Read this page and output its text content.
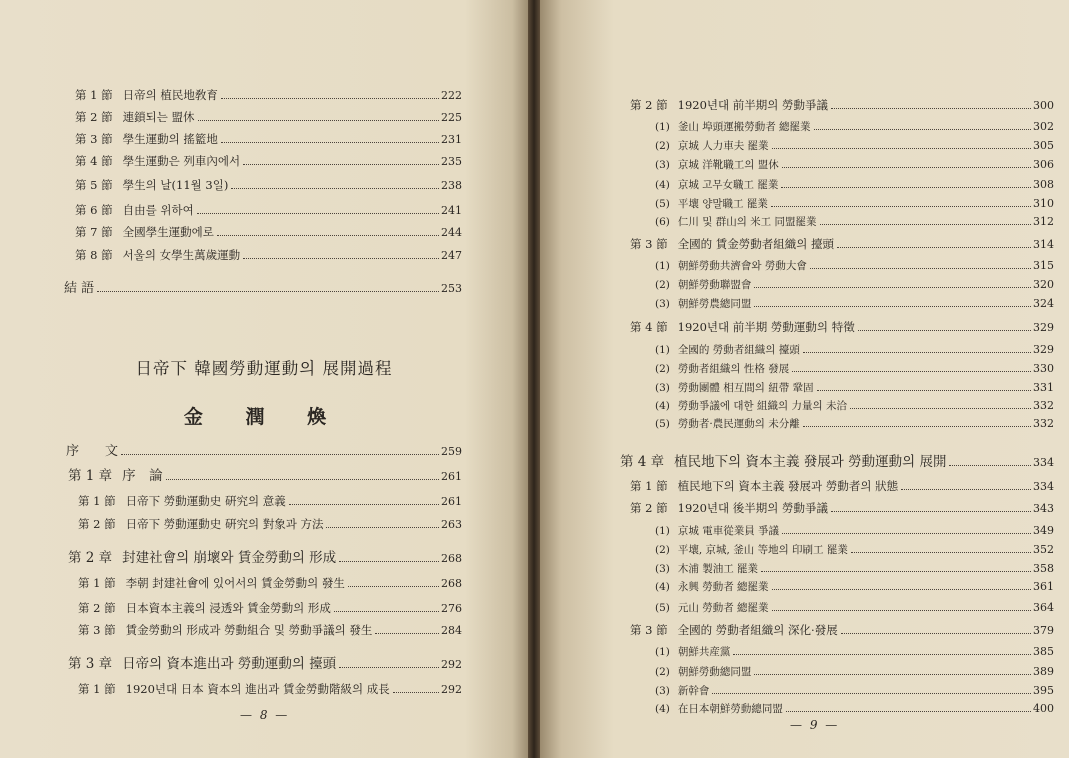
第 1 節 日帝의 植民地敎育	222
第 2 節 連鎖되는 盟休	225
第 3 節 學生運動의 搖籃地	231
第 4 節 學生運動은 列車內에서	235
第 5 節 學生의 날(11월 3일)	238
第 6 節 自由를 위하여	241
第 7 節 全國學生運動에로	244
第 8 節 서울의 女學生萬歲運動	247
結 語	253
日帝下 韓國勞動運動의 展開過程
金 潤 煥
序　　文	259
第 1 章 序　論	261
第 1 節 日帝下 勞動運動史 硏究의 意義	261
第 2 節 日帝下 勞動運動史 硏究의 對象과 方法	263
第 2 章 封建社會의 崩壞와 賃金勞動의 形成	268
第 1 節 李朝 封建社會에 있어서의 賃金勞動의 發生	268
第 2 節 日本資本主義의 浸透와 賃金勞動의 形成	276
第 3 節 賃金勞動의 形成과 勞動組合 및 勞動爭議의 發生	284
第 3 章 日帝의 資本進出과 勞動運動의 擡頭	292
第 1 節 1920년대 日本 資本의 進出과 賃金勞動階級의 成長	292
— 8 —
第 2 節 1920년대 前半期의 勞動爭議	300
(1) 釜山 埠頭運搬勞動者 總罷業	302
(2) 京城 人力車夫 罷業	305
(3) 京城 洋靴職工의 盟休	306
(4) 京城 고무女職工 罷業	308
(5) 平壤 양말職工 罷業	310
(6) 仁川 및 群山의 米工 同盟罷業	312
第 3 節 全國的 賃金勞動者組織의 擡頭	314
(1) 朝鮮勞動共濟會와 勞動大會	315
(2) 朝鮮勞動聯盟會	320
(3) 朝鮮勞農總同盟	324
第 4 節 1920년대 前半期 勞動運動의 特徵	329
(1) 全國的 勞動者組織의 擡頭	329
(2) 勞動者組織의 性格 發展	330
(3) 勞動團體 相互間의 紐帶 鞏固	331
(4) 勞動爭議에 대한 組織의 力量의 未洽	332
(5) 勞動者·農民運動의 未分離	332
第 4 章 植民地下의 資本主義 發展과 勞動運動의 展開	334
第 1 節 植民地下의 資本主義 發展과 勞動者의 狀態	334
第 2 節 1920년대 後半期의 勞動爭議	343
(1) 京城 電車從業員 爭議	349
(2) 平壤, 京城, 釜山 等地의 印刷工 罷業	352
(3) 木浦 製油工 罷業	358
(4) 永興 勞動者 總罷業	361
(5) 元山 勞動者 總罷業	364
第 3 節 全國的 勞動者組織의 深化·發展	379
(1) 朝鮮共産黨	385
(2) 朝鮮勞動總同盟	389
(3) 新幹會	395
(4) 在日本朝鮮勞動總同盟	400
— 9 —
